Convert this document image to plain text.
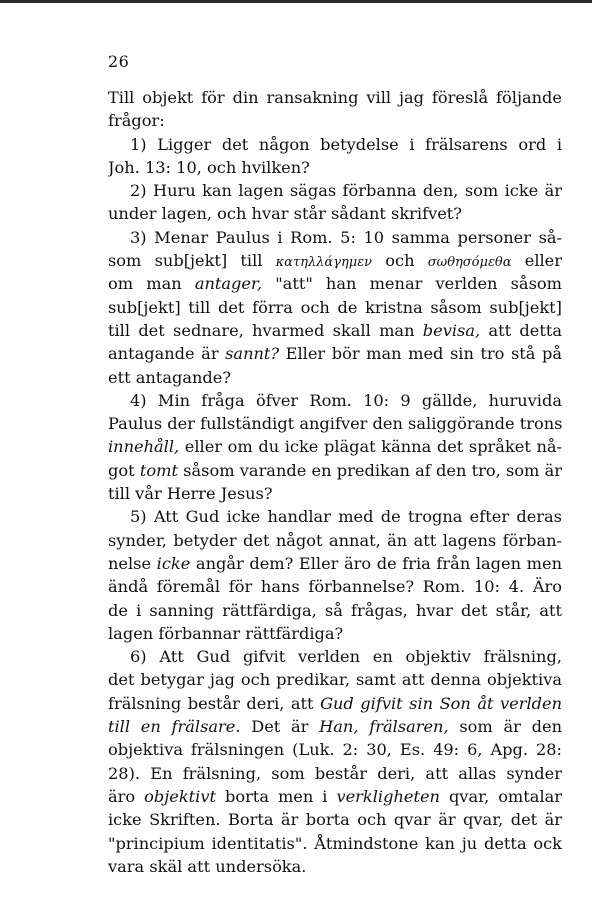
26
Till objekt för din ransakning vill jag föreslå följande
frågor:
1) Ligger det någon betydelse i frälsarens ord i
Joh. 13: 10, och hvilken?
2) Huru kan lagen sägas förbanna den, som icke är
under lagen, och hvar står sådant skrifvet?
3) Menar Paulus i Rom. 5: 10 samma personer så-
som sub[jekt] till κατηλλάγημεν och σωθησόμεθα eller
om man antager, "att" han menar verlden såsom
sub[jekt] till det förra och de kristna såsom sub[jekt]
till det sednare, hvarmed skall man bevisa, att detta
antagande är sannt? Eller bör man med sin tro stå på
ett antagande?
4) Min fråga öfver Rom. 10: 9 gällde, huruvida
Paulus der fullständigt angifver den saliggörande trons
innehåll, eller om du icke plägat känna det språket nå-
got tomt såsom varande en predikan af den tro, som är
till vår Herre Jesus?
5) Att Gud icke handlar med de trogna efter deras
synder, betyder det något annat, än att lagens förban-
nelse icke angår dem? Eller äro de fria från lagen men
ändå föremål för hans förbannelse? Rom. 10: 4. Äro
de i sanning rättfärdiga, så frågas, hvar det står, att
lagen förbannar rättfärdiga?
6) Att Gud gifvit verlden en objektiv frälsning,
det betygar jag och predikar, samt att denna objektiva
frälsning består deri, att Gud gifvit sin Son åt verlden
till en frälsare. Det är Han, frälsaren, som är den
objektiva frälsningen (Luk. 2: 30, Es. 49: 6, Apg. 28:
28). En frälsning, som består deri, att allas synder
äro objektivt borta men i verkligheten qvar, omtalar
icke Skriften. Borta är borta och qvar är qvar, det är
"principium identitatis". Åtmindstone kan ju detta ock
vara skäl att undersöka.
